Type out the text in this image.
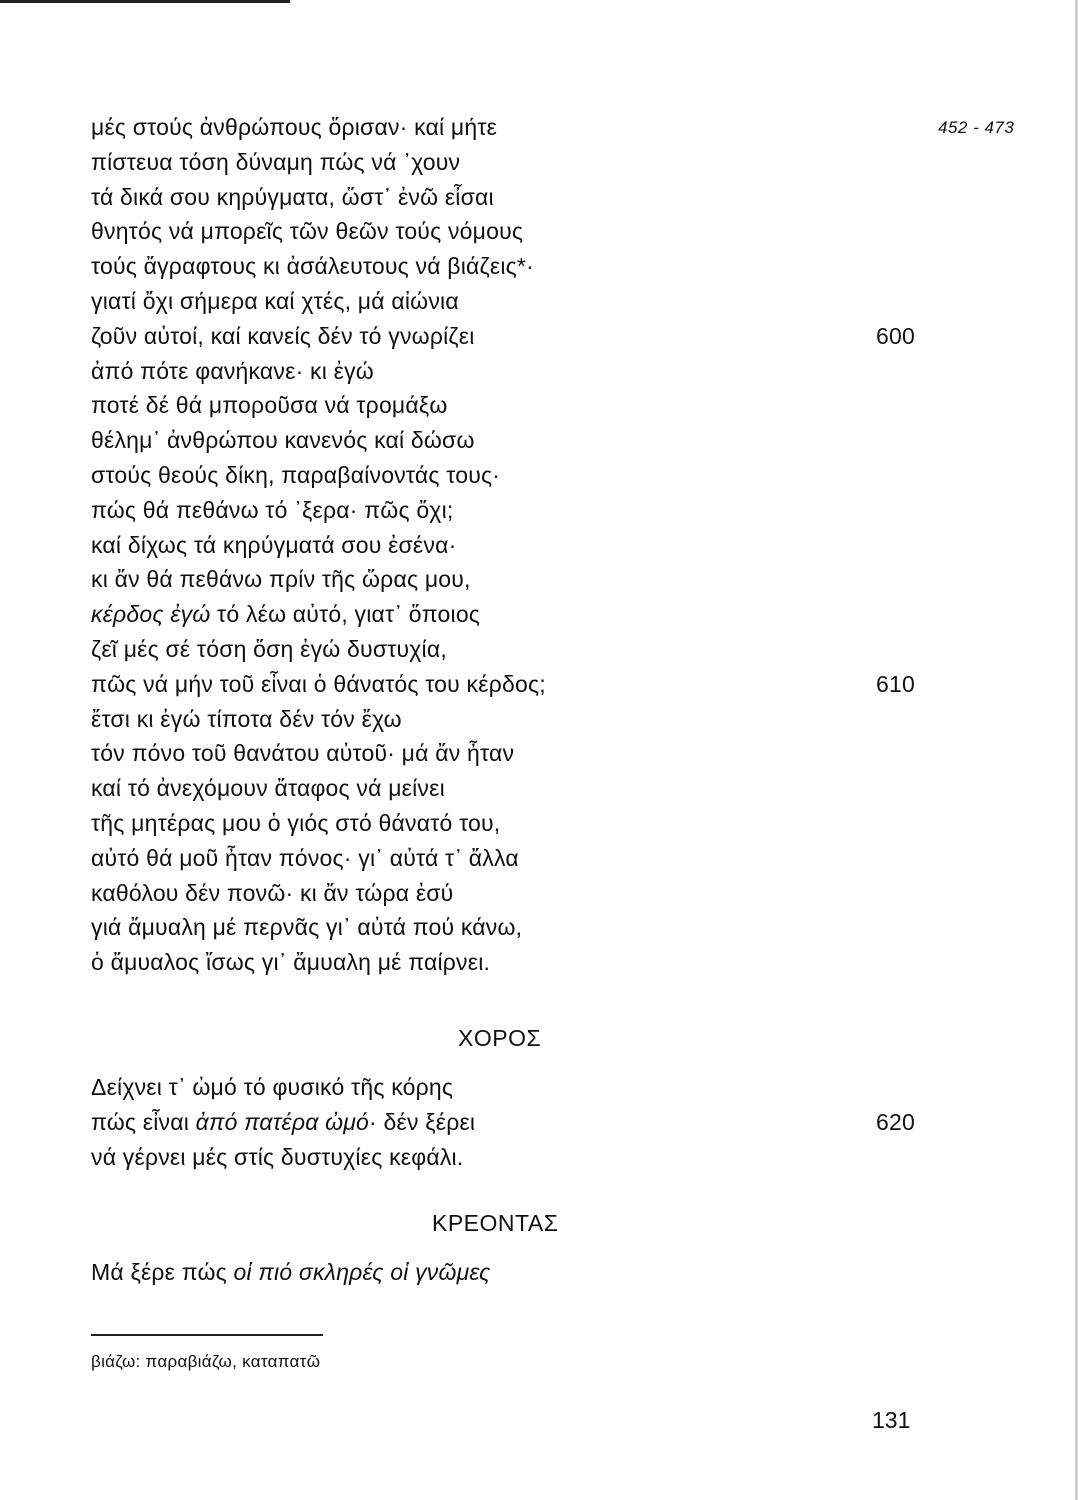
452 - 473
μές στούς ἀνθρώπους ὅρισαν· καί μήτε
πίστευα τόση δύναμη πώς νά ᾽χουν
τά δικά σου κηρύγματα, ὥστ᾽ ἐνῶ εἶσαι
θνητός νά μπορεῖς τῶν θεῶν τούς νόμους
τούς ἄγραφτους κι ἀσάλευτους νά βιάζεις*·
γιατί ὄχι σήμερα καί χτές, μά αἰώνια
ζοῦν αὐτοί, καί κανείς δέν τό γνωρίζει	600
ἀπό πότε φανήκανε· κι ἐγώ
ποτέ δέ θά μποροῦσα νά τρομάξω
θέλημ᾽ ἀνθρώπου κανενός καί δώσω
στούς θεούς δίκη, παραβαίνοντάς τους·
πώς θά πεθάνω τό ᾽ξερα· πῶς ὄχι;
καί δίχως τά κηρύγματά σου ἐσένα·
κι ἄν θά πεθάνω πρίν τῆς ὥρας μου,
κέρδος ἐγώ τό λέω αὐτό, γιατ᾽ ὅποιος
ζεῖ μές σέ τόση ὅση ἐγώ δυστυχία,
πῶς νά μήν τοῦ εἶναι ὁ θάνατός του κέρδος;	610
ἔτσι κι ἐγώ τίποτα δέν τόν ἔχω
τόν πόνο τοῦ θανάτου αὐτοῦ· μά ἄν ἦταν
καί τό ἀνεχόμουν ἄταφος νά μείνει
τῆς μητέρας μου ὁ γιός στό θάνατό του,
αὐτό θά μοῦ ἦταν πόνος· γι᾽ αὐτά τ᾽ ἄλλα
καθόλου δέν πονῶ· κι ἄν τώρα ἐσύ
γιά ἄμυαλη μέ περνᾶς γι᾽ αὐτά πού κάνω,
ὁ ἄμυαλος ἴσως γι᾽ ἄμυαλη μέ παίρνει.
ΧΟΡΟΣ
Δείχνει τ᾽ ὠμό τό φυσικό τῆς κόρης
πώς εἶναι ἀπό πατέρα ὠμό· δέν ξέρει	620
νά γέρνει μές στίς δυστυχίες κεφάλι.
ΚΡΕΟΝΤΑΣ
Μά ξέρε πώς οἱ πιό σκληρές οἱ γνῶμες
βιάζω: παραβιάζω, καταπατῶ
131
